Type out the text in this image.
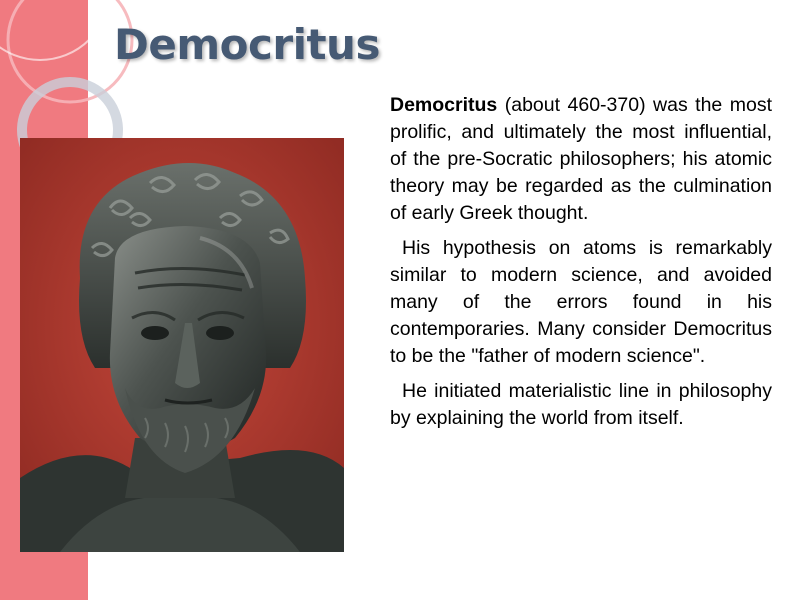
Democritus

Democritus (about 460-370) was the most prolific, and ultimately the most influential, of the pre-Socratic philosophers; his atomic theory may be regarded as the culmination of early Greek thought.

His hypothesis on atoms is remarkably similar to modern science, and avoided many of the errors found in his contemporaries. Many consider Democritus to be the "father of modern science".

He initiated materialistic line in philosophy by explaining the world from itself.
